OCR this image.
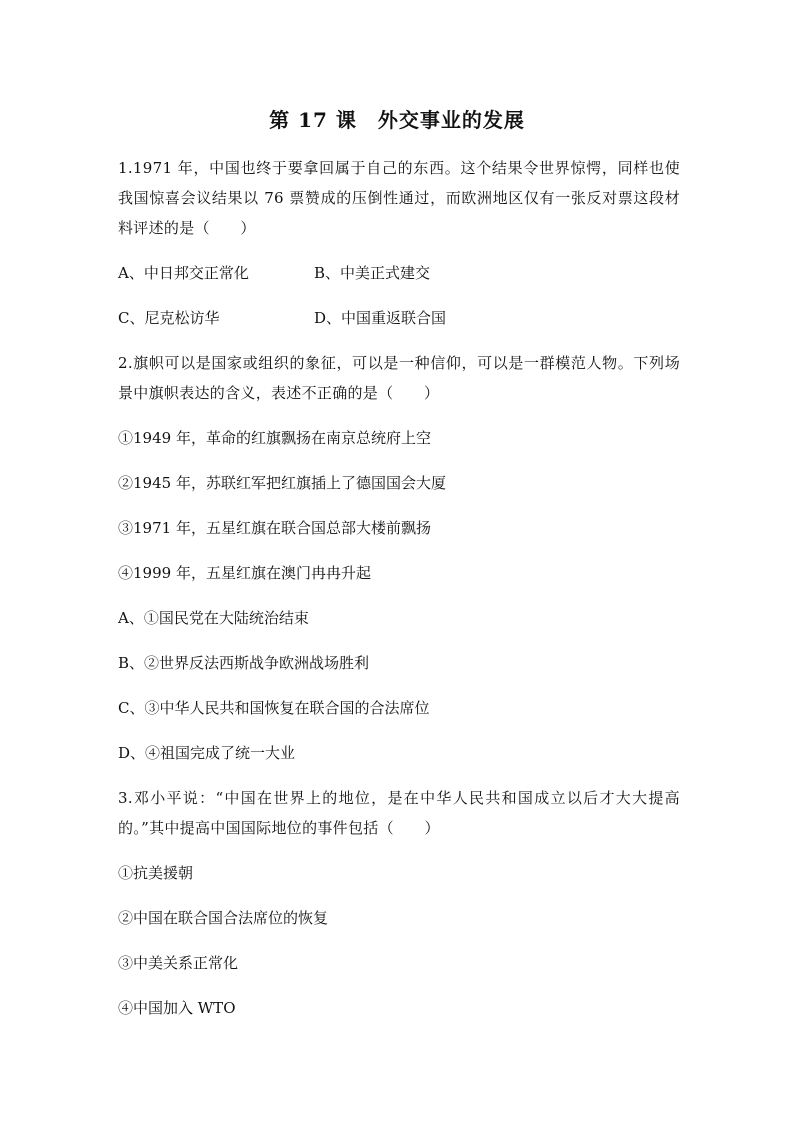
第 17 课　外交事业的发展
1.1971 年，中国也终于要拿回属于自己的东西。这个结果令世界惊愕，同样也使我国惊喜会议结果以 76 票赞成的压倒性通过，而欧洲地区仅有一张反对票这段材料评述的是（　　）
A、中日邦交正常化	B、中美正式建交
C、尼克松访华	D、中国重返联合国
2.旗帜可以是国家或组织的象征，可以是一种信仰，可以是一群模范人物。下列场景中旗帜表达的含义，表述不正确的是（　　）
①1949 年，革命的红旗飘扬在南京总统府上空
②1945 年，苏联红军把红旗插上了德国国会大厦
③1971 年，五星红旗在联合国总部大楼前飘扬
④1999 年，五星红旗在澳门冉冉升起
A、①国民党在大陆统治结束
B、②世界反法西斯战争欧洲战场胜利
C、③中华人民共和国恢复在联合国的合法席位
D、④祖国完成了统一大业
3.邓小平说：“中国在世界上的地位，是在中华人民共和国成立以后才大大提高的。”其中提高中国国际地位的事件包括（　　）
①抗美援朝
②中国在联合国合法席位的恢复
③中美关系正常化
④中国加入 WTO
